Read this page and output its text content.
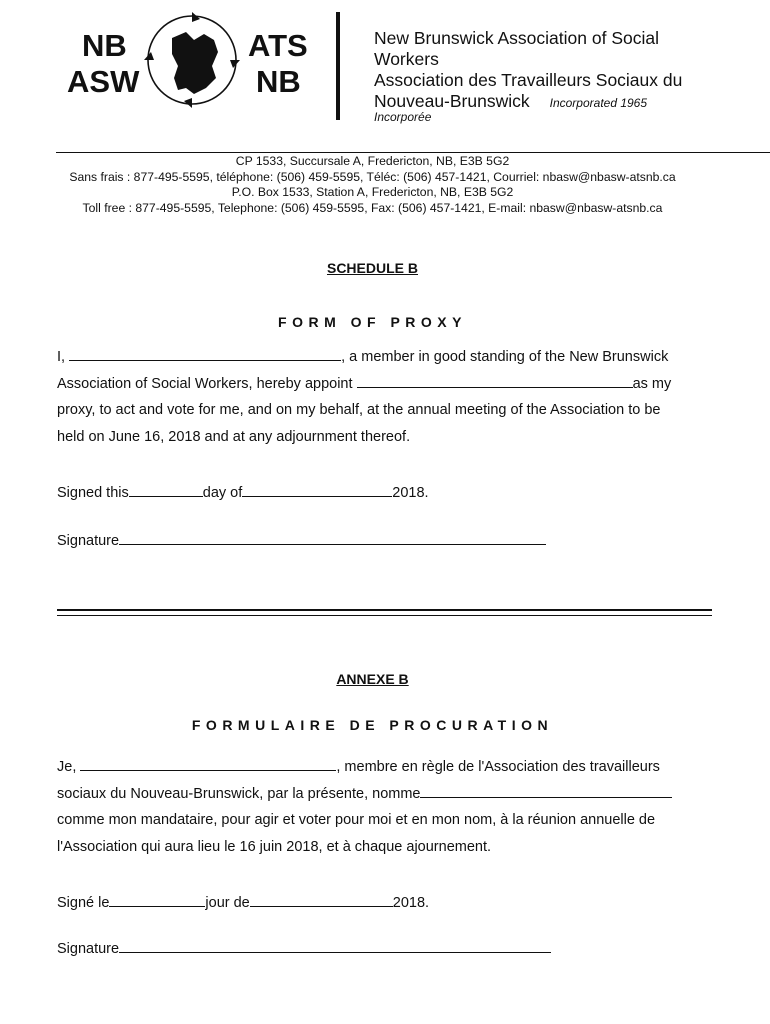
NB
ASW
ATS
NB
New Brunswick Association of Social
Workers
Association des Travailleurs Sociaux du
Nouveau-Brunswick Incorporated 1965
Incorporée
CP 1533, Succursale A, Fredericton, NB, E3B 5G2
Sans frais : 877-495-5595, téléphone: (506) 459-5595, Téléc: (506) 457-1421, Courriel: nbasw@nbasw-atsnb.ca
P.O. Box 1533, Station A, Fredericton, NB, E3B 5G2
Toll free : 877-495-5595, Telephone: (506) 459-5595, Fax: (506) 457-1421, E-mail: nbasw@nbasw-atsnb.ca
SCHEDULE B
FORM OF PROXY
I,	, a member in good standing of the New Brunswick
Association of Social Workers, hereby appoint	as my
proxy, to act and vote for me, and on my behalf, at the annual meeting of the Association to be
held on June 16, 2018 and at any adjournment thereof.
Signed this	day of	2018.
Signature
ANNEXE B
FORMULAIRE DE PROCURATION
Je,	, membre en règle de l'Association des travailleurs
sociaux du Nouveau-Brunswick, par la présente, nomme
comme mon mandataire, pour agir et voter pour moi et en mon nom, à la réunion annuelle de
l'Association qui aura lieu le 16 juin 2018, et à chaque ajournement.
Signé le	jour de	2018.
Signature
